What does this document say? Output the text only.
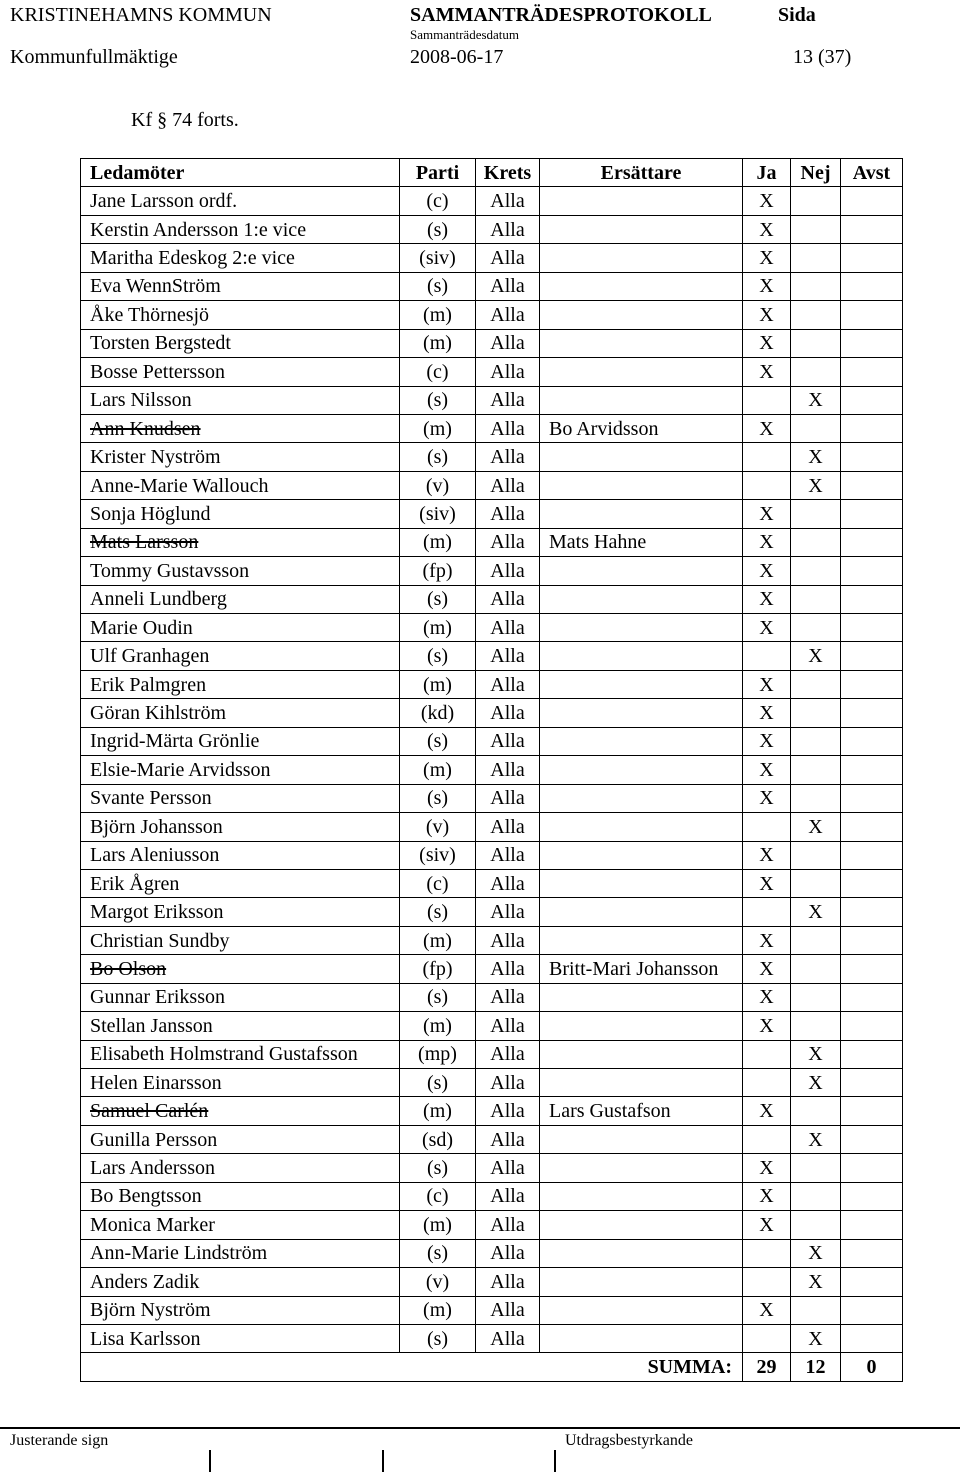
KRISTINEHAMNS KOMMUN	SAMMANTRÄDESPROTOKOLL	Sida
Sammanträdesdatum
Kommunfullmäktige	2008-06-17	13 (37)
Kf § 74 forts.
Ledamöter	Parti	Krets	Ersättare	Ja	Nej	Avst
Jane Larsson ordf.	(c)	Alla		X		
Kerstin Andersson 1:e vice	(s)	Alla		X		
Maritha Edeskog 2:e vice	(siv)	Alla		X		
Eva WennStröm	(s)	Alla		X		
Åke Thörnesjö	(m)	Alla		X		
Torsten Bergstedt	(m)	Alla		X		
Bosse Pettersson	(c)	Alla		X		
Lars Nilsson	(s)	Alla			X	
Ann Knudsen	(m)	Alla	Bo Arvidsson	X		
Krister Nyström	(s)	Alla			X	
Anne-Marie Wallouch	(v)	Alla			X	
Sonja Höglund	(siv)	Alla		X		
Mats Larsson	(m)	Alla	Mats Hahne	X		
Tommy Gustavsson	(fp)	Alla		X		
Anneli Lundberg	(s)	Alla		X		
Marie Oudin	(m)	Alla		X		
Ulf Granhagen	(s)	Alla			X	
Erik Palmgren	(m)	Alla		X		
Göran Kihlström	(kd)	Alla		X		
Ingrid-Märta Grönlie	(s)	Alla		X		
Elsie-Marie Arvidsson	(m)	Alla		X		
Svante Persson	(s)	Alla		X		
Björn Johansson	(v)	Alla			X	
Lars Aleniusson	(siv)	Alla		X		
Erik Ågren	(c)	Alla		X		
Margot Eriksson	(s)	Alla			X	
Christian Sundby	(m)	Alla		X		
Bo Olson	(fp)	Alla	Britt-Mari Johansson	X		
Gunnar Eriksson	(s)	Alla		X		
Stellan Jansson	(m)	Alla		X		
Elisabeth Holmstrand Gustafsson	(mp)	Alla			X	
Helen Einarsson	(s)	Alla			X	
Samuel Carlén	(m)	Alla	Lars Gustafson	X		
Gunilla Persson	(sd)	Alla			X	
Lars Andersson	(s)	Alla		X		
Bo Bengtsson	(c)	Alla		X		
Monica Marker	(m)	Alla		X		
Ann-Marie Lindström	(s)	Alla			X	
Anders Zadik	(v)	Alla			X	
Björn Nyström	(m)	Alla		X		
Lisa Karlsson	(s)	Alla			X	
			SUMMA:	29	12	0
Justerande sign	Utdragsbestyrkande
